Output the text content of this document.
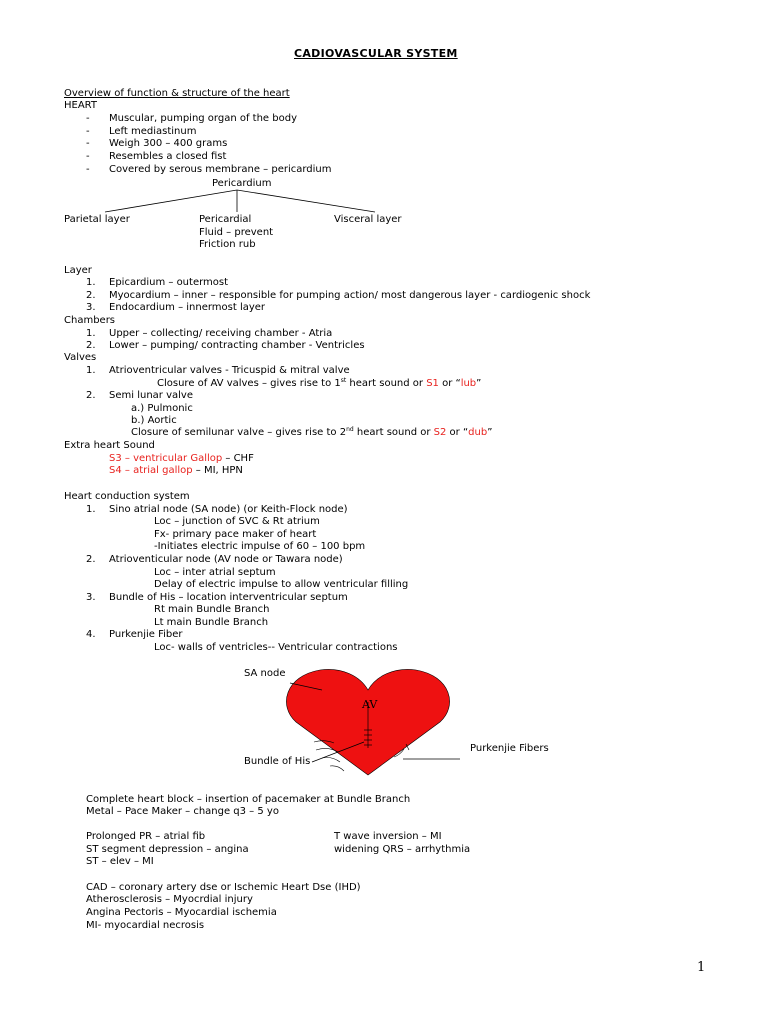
CADIOVASCULAR SYSTEM
Overview of function & structure of the heart
HEART
- Muscular, pumping organ of the body
- Left mediastinum
- Weigh 300 – 400 grams
- Resembles a closed fist
- Covered by serous membrane – pericardium
Pericardium
Parietal layer	Pericardial
Fluid – prevent
Friction rub
Visceral layer
Layer
1. Epicardium – outermost
2. Myocardium – inner – responsible for pumping action/ most dangerous layer - cardiogenic shock
3. Endocardium – innermost layer
Chambers
1. Upper – collecting/ receiving chamber - Atria
2. Lower – pumping/ contracting chamber - Ventricles
Valves
1. Atrioventricular valves - Tricuspid & mitral valve
Closure of AV valves – gives rise to 1st heart sound or S1 or “lub”
2. Semi lunar valve
a.) Pulmonic
b.) Aortic
Closure of semilunar valve – gives rise to 2nd heart sound or S2 or “dub”
Extra heart Sound
S3 – ventricular Gallop – CHF
S4 – atrial gallop – MI, HPN
Heart conduction system
1. Sino atrial node (SA node) (or Keith-Flock node)
Loc – junction of SVC & Rt atrium
Fx- primary pace maker of heart
-Initiates electric impulse of 60 – 100 bpm
2. Atrioventicular node (AV node or Tawara node)
Loc – inter atrial septum
Delay of electric impulse to allow ventricular filling
3. Bundle of His – location interventricular septum
Rt main Bundle Branch
Lt main Bundle Branch
4. Purkenjie Fiber
Loc- walls of ventricles-- Ventricular contractions
SA node
AV
Bundle of His
Purkenjie Fibers
Complete heart block – insertion of pacemaker at Bundle Branch
Metal – Pace Maker – change q3 – 5 yo
Prolonged PR – atrial fib
ST segment depression – angina
ST – elev – MI
T wave inversion – MI
widening QRS – arrhythmia
CAD – coronary artery dse or Ischemic Heart Dse (IHD)
Atherosclerosis – Myocrdial injury
Angina Pectoris – Myocardial ischemia
MI- myocardial necrosis
1
